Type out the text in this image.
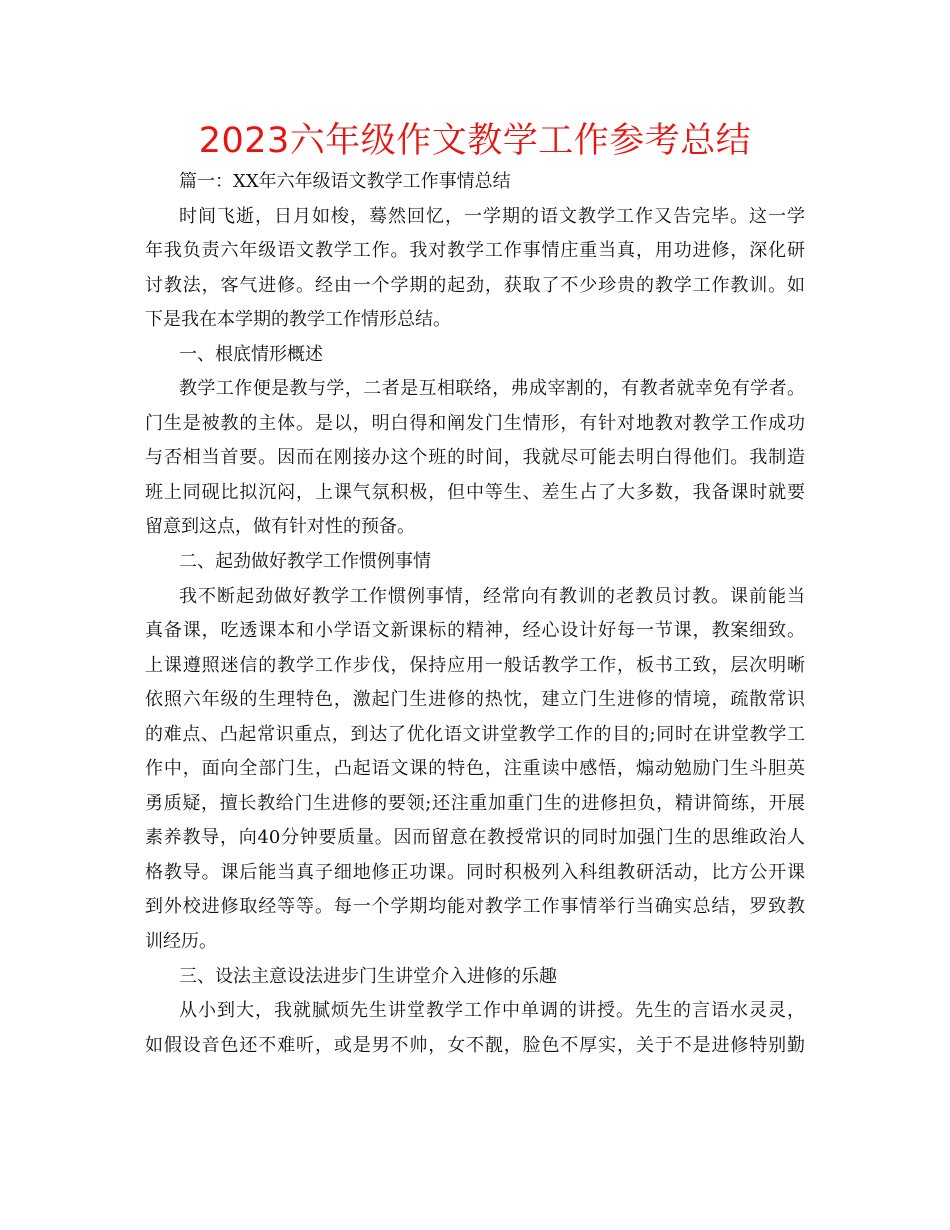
2023六年级作文教学工作参考总结
篇一：XX年六年级语文教学工作事情总结
时间飞逝，日月如梭，蓦然回忆，一学期的语文教学工作又告完毕。这一学
年我负责六年级语文教学工作。我对教学工作事情庄重当真，用功进修，深化研
讨教法，客气进修。经由一个学期的起劲，获取了不少珍贵的教学工作教训。如
下是我在本学期的教学工作情形总结。
一、根底情形概述
教学工作便是教与学，二者是互相联络，弗成宰割的，有教者就幸免有学者。
门生是被教的主体。是以，明白得和阐发门生情形，有针对地教对教学工作成功
与否相当首要。因而在刚接办这个班的时间，我就尽可能去明白得他们。我制造
班上同砚比拟沉闷，上课气氛积极，但中等生、差生占了大多数，我备课时就要
留意到这点，做有针对性的预备。
二、起劲做好教学工作惯例事情
我不断起劲做好教学工作惯例事情，经常向有教训的老教员讨教。课前能当
真备课，吃透课本和小学语文新课标的精神，经心设计好每一节课，教案细致。
上课遵照迷信的教学工作步伐，保持应用一般话教学工作，板书工致，层次明晰
依照六年级的生理特色，激起门生进修的热忱，建立门生进修的情境，疏散常识
的难点、凸起常识重点，到达了优化语文讲堂教学工作的目的;同时在讲堂教学工
作中，面向全部门生，凸起语文课的特色，注重读中感悟，煽动勉励门生斗胆英
勇质疑，擅长教给门生进修的要领;还注重加重门生的进修担负，精讲简练，开展
素养教导，向40分钟要质量。因而留意在教授常识的同时加强门生的思维政治人
格教导。课后能当真子细地修正功课。同时积极列入科组教研活动，比方公开课
到外校进修取经等等。每一个学期均能对教学工作事情举行当确实总结，罗致教
训经历。
三、设法主意设法进步门生讲堂介入进修的乐趣
从小到大，我就腻烦先生讲堂教学工作中单调的讲授。先生的言语水灵灵，
如假设音色还不难听，或是男不帅，女不靓，脸色不厚实，关于不是进修特别勤
